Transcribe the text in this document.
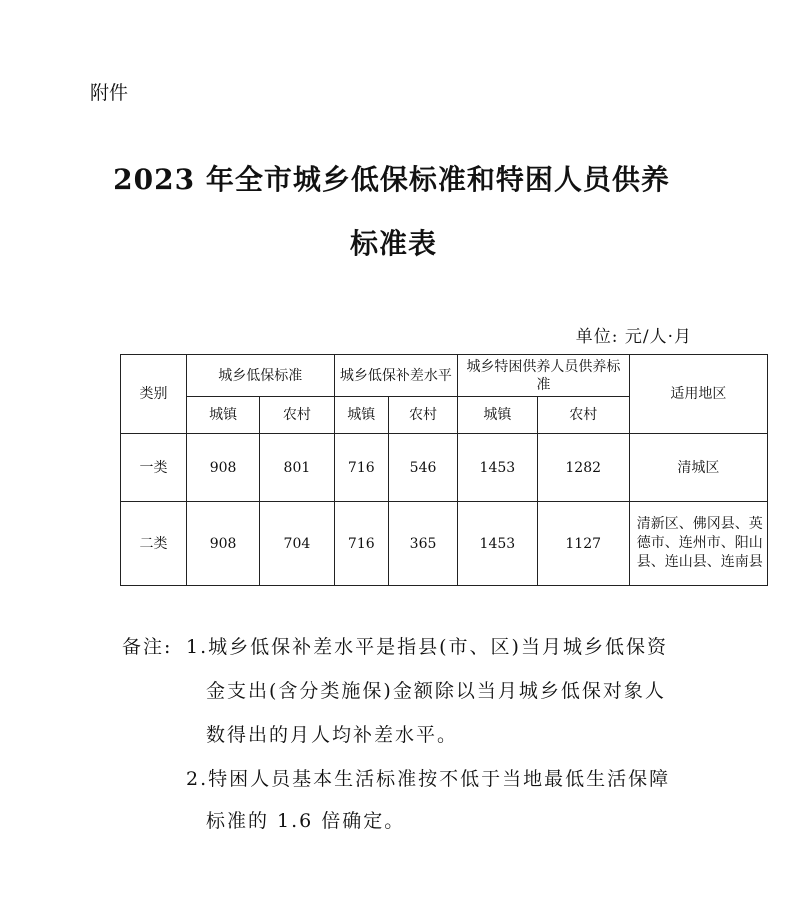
附件
2023 年全市城乡低保标准和特困人员供养
标准表
单位: 元/人·月
类别	城乡低保标准		城乡低保补差水平		城乡特困供养人员供养标准		适用地区
	城镇	农村	城镇	农村	城镇	农村	
一类	908	801	716	546	1453	1282	清城区
二类	908	704	716	365	1453	1127	清新区、佛冈县、英德市、连州市、阳山县、连山县、连南县
备注: 1.城乡低保补差水平是指县(市、区)当月城乡低保资
金支出(含分类施保)金额除以当月城乡低保对象人
数得出的月人均补差水平。
2.特困人员基本生活标准按不低于当地最低生活保障
标准的 1.6 倍确定。
